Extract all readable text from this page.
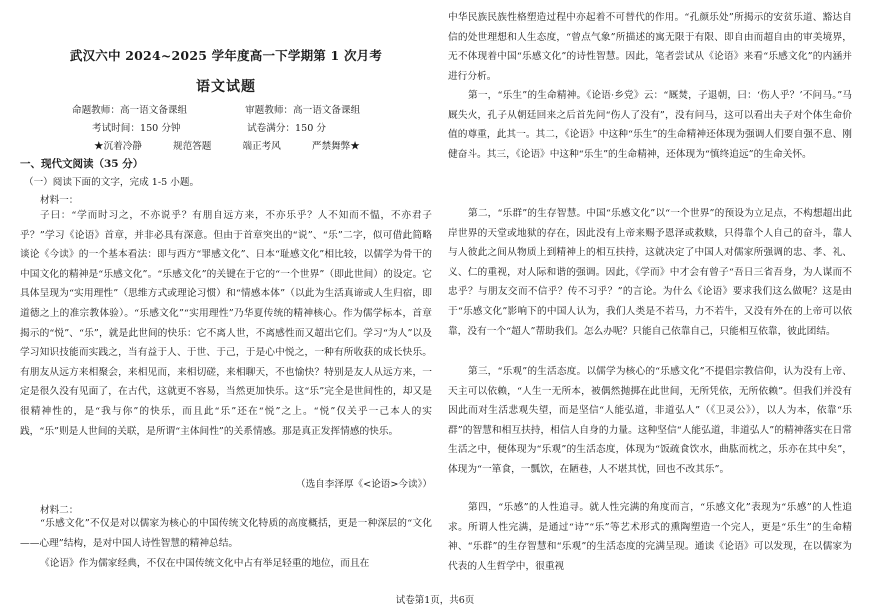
武汉六中 2024~2025 学年度高一下学期第 1 次月考
语文试题
命题教师：高一语文备课组	审题教师：高一语文备课组
考试时间：150 分钟	试卷满分：150 分
★沉着冷静	规范答题	端正考风	严禁舞弊★
一、现代文阅读（35 分）
（一）阅读下面的文字，完成 1-5 小题。
材料一：
子曰：“学而时习之，不亦说乎？有朋自远方来，不亦乐乎？人不知而不愠，不亦君子乎？”学习《论语》首章，并非必具有深意。但由于首章突出的“说”、“乐”二字，似可借此简略谈论《今读》的一个基本看法：即与西方“罪感文化”、日本“耻感文化”相比较，以儒学为骨干的中国文化的精神是“乐感文化”。“乐感文化”的关键在于它的“一个世界”（即此世间）的设定。它具体呈现为“实用理性”（思维方式或理论习惯）和“情感本体”（以此为生活真谛或人生归宿，即道德之上的准宗教体验）。“乐感文化”“实用理性”乃华夏传统的精神核心。作为儒学标本，首章揭示的“悦”、“乐”，就是此世间的快乐：它不离人世，不离感性而又超出它们。学习“为人”以及学习知识技能而实践之，当有益于人、于世、于己，于是心中悦之，一种有所收获的成长快乐。有朋友从远方来相聚会，来相见而，来相切磋，来相聊天，不也愉快？特别是友人从远方来，一定是很久没有见面了，在古代，这就更不容易，当然更加快乐。这“乐”完全是世间性的，却又是很精神性的，是“我与你”的快乐，而且此“乐”还在“悦”之上。“悦”仅关乎一己本人的实践，“乐”则是人世间的关联，是所谓“主体间性”的关系情感。那是真正发挥情感的快乐。
（选自李泽厚《<论语>今读》）
材料二：
“乐感文化”不仅是对以儒家为核心的中国传统文化特质的高度概括，更是一种深层的“文化——心理”结构，是对中国人诗性智慧的精神总结。
《论语》作为儒家经典，不仅在中国传统文化中占有举足轻重的地位，而且在
中华民族民族性格塑造过程中亦起着不可替代的作用。“孔颜乐处”所揭示的安贫乐道、豁达自信的处世理想和人生态度，“曾点气象”所描述的寓无限于有限、即自由而超自由的审美境界，无不体现着中国“乐感文化”的诗性智慧。因此，笔者尝试从《论语》来看“乐感文化”的内涵并进行分析。
第一，“乐生”的生命精神。《论语·乡党》云：“厩焚，子退朝，曰：‘伤人乎？’不问马。”马厩失火，孔子从朝廷回来之后首先问“伤人了没有”，没有问马，这可以看出夫子对个体生命价值的尊重，此其一。其二，《论语》中这种“乐生”的生命精神还体现为强调人们要自强不息、刚健奋斗。其三，《论语》中这种“乐生”的生命精神，还体现为“慎终追远”的生命关怀。
第二，“乐群”的生存智慧。中国“乐感文化”以“一个世界”的预设为立足点，不构想超出此岸世界的天堂或地狱的存在，因此没有上帝来赐予恩泽或救赎，只得靠个人自己的奋斗，靠人与人彼此之间从物质上到精神上的相互扶持，这就决定了中国人对儒家所强调的忠、孝、礼、义、仁的重视，对人际和谐的强调。因此，《学而》中才会有曾子“吾日三省吾身，为人谋而不忠乎？与朋友交而不信乎？传不习乎？”的言论。为什么《论语》要求我们这么做呢？这是由于“乐感文化”影响下的中国人认为，我们人类是不若马，力不若牛，又没有外在的上帝可以依靠，没有一个“超人”帮助我们。怎么办呢？只能自己依靠自己，只能相互依靠，彼此团结。
第三，“乐观”的生活态度。以儒学为核心的“乐感文化”不提倡宗教信仰，认为没有上帝、天主可以依赖，“人生一无所本，被偶然抛掷在此世间，无所凭依，无所依赖”。但我们并没有因此而对生活悲观失望，而是坚信“人能弘道，非道弘人”（《卫灵公》），以人为本，依靠“乐群”的智慧和相互扶持，相信人自身的力量。这种坚信“人能弘道，非道弘人”的精神落实在日常生活之中，便体现为“乐观”的生活态度，体现为“饭疏食饮水，曲肱而枕之，乐亦在其中矣”，体现为“一箪食，一瓢饮，在陋巷，人不堪其忧，回也不改其乐”。
第四，“乐感”的人性追寻。就人性完满的角度而言，“乐感文化”表现为“乐感”的人性追求。所谓人性完满，是通过“诗”“乐”等艺术形式的熏陶塑造一个完人，更是“乐生”的生命精神、“乐群”的生存智慧和“乐观”的生活态度的完满呈现。通读《论语》可以发现，在以儒家为代表的人生哲学中，很重视
试卷第1页，共6页
